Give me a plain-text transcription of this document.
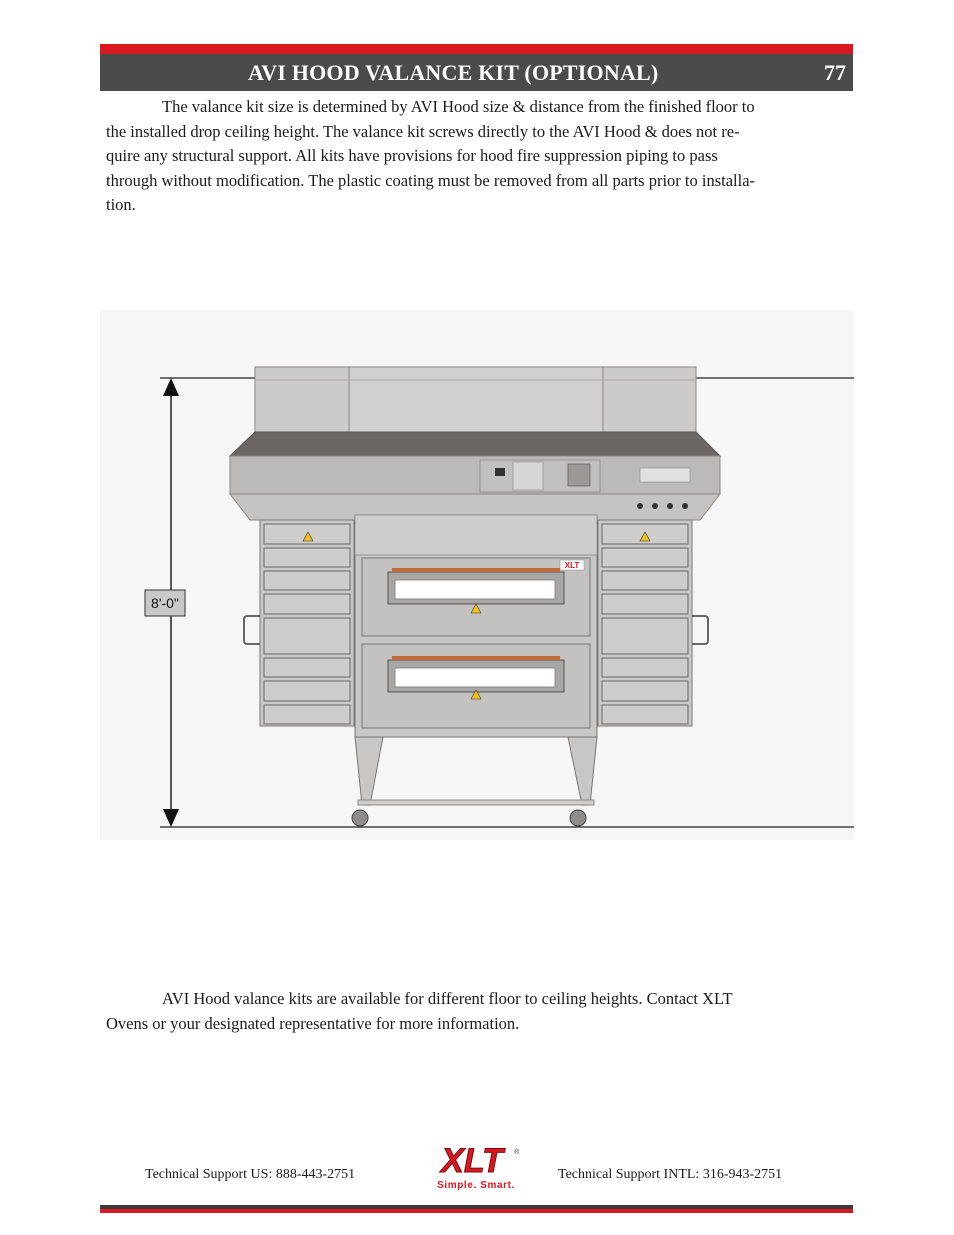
AVI HOOD VALANCE KIT (OPTIONAL)	77

The valance kit size is determined by AVI Hood size & distance from the finished floor to
the installed drop ceiling height. The valance kit screws directly to the AVI Hood & does not re-
quire any structural support. All kits have provisions for hood fire suppression piping to pass
through without modification. The plastic coating must be removed from all parts prior to installa-
tion.

8'-0"
XLT

AVI Hood valance kits are available for different floor to ceiling heights. Contact XLT
Ovens or your designated representative for more information.

Technical Support US: 888-443-2751	XLT	®
Simple. Smart.
Technical Support INTL: 316-943-2751
